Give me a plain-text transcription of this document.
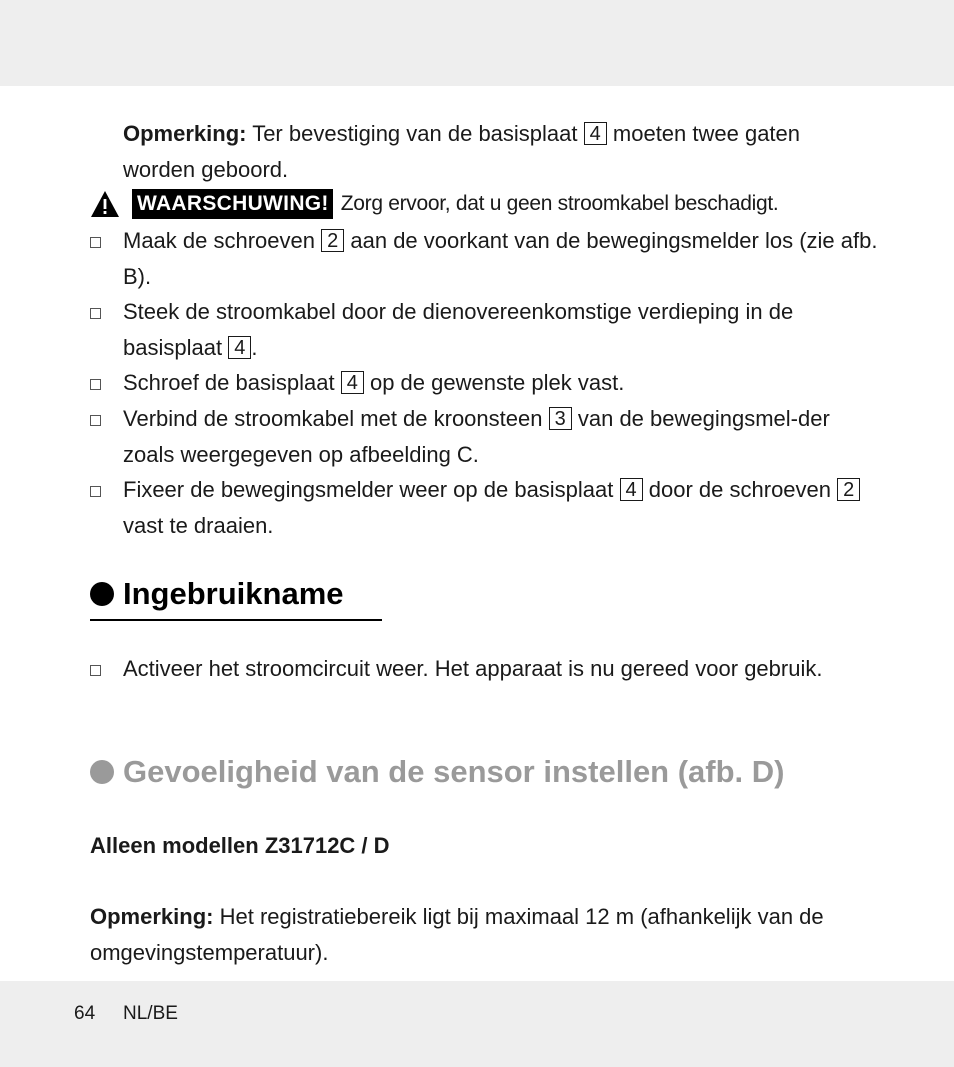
Opmerking: Ter bevestiging van de basisplaat 4 moeten twee gaten worden geboord.

WAARSCHUWING! Zorg ervoor, dat u geen stroomkabel beschadigt.
Maak de schroeven 2 aan de voorkant van de bewegingsmelder los (zie afb. B).
Steek de stroomkabel door de dienovereenkomstige verdieping in de basisplaat 4 .
Schroef de basisplaat 4 op de gewenste plek vast.
Verbind de stroomkabel met de kroonsteen 3 van de bewegingsmel-der zoals weergegeven op afbeelding C.
Fixeer de bewegingsmelder weer op de basisplaat 4 door de schroeven 2 vast te draaien.
Ingebruikname
Activeer het stroomcircuit weer. Het apparaat is nu gereed voor gebruik.
Gevoeligheid van de sensor instellen (afb. D)
Alleen modellen Z31712C / D

Opmerking: Het registratiebereik ligt bij maximaal 12 m (afhankelijk van de omgevingstemperatuur).

64 NL/BE
